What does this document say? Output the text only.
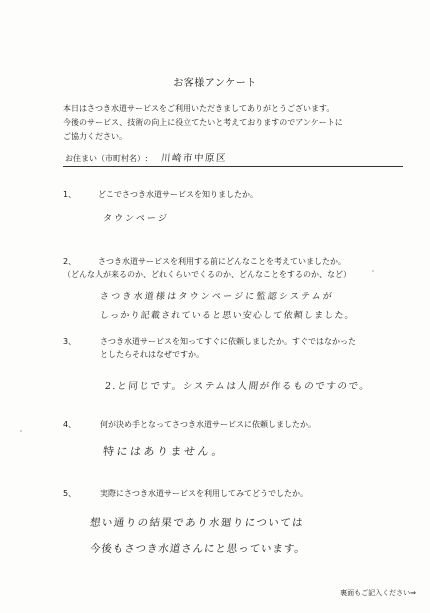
お客様アンケート
本日はさつき水道サービスをご利用いただきましてありがとうございます。
今後のサービス、技術の向上に役立てたいと考えておりますのでアンケートに
ご協力ください。
お住まい（市町村名）: 川崎市中原区
1、	どこでさつき水道サービスを知りましたか。
タウンページ
2、	さつき水道サービスを利用する前にどんなことを考えていましたか。
（どんな人が来るのか、どれくらいでくるのか、どんなことをするのか、など）
さつき水道様はタウンページに監認システムが
しっかり記載されていると思い安心して依頼しました。
3、	さつき水道サービスを知ってすぐに依頼しましたか。すぐではなかった
としたらそれはなぜですか。
2.と同じです。システムは人間が作るものですので。
4、	何が決め手となってさつき水道サービスに依頼しましたか。
特にはありません。
5、	実際にさつき水道サービスを利用してみてどうでしたか。
想い通りの結果であり水廻りについては
今後もさつき水道さんにと思っています。
裏面もご記入ください⇒
